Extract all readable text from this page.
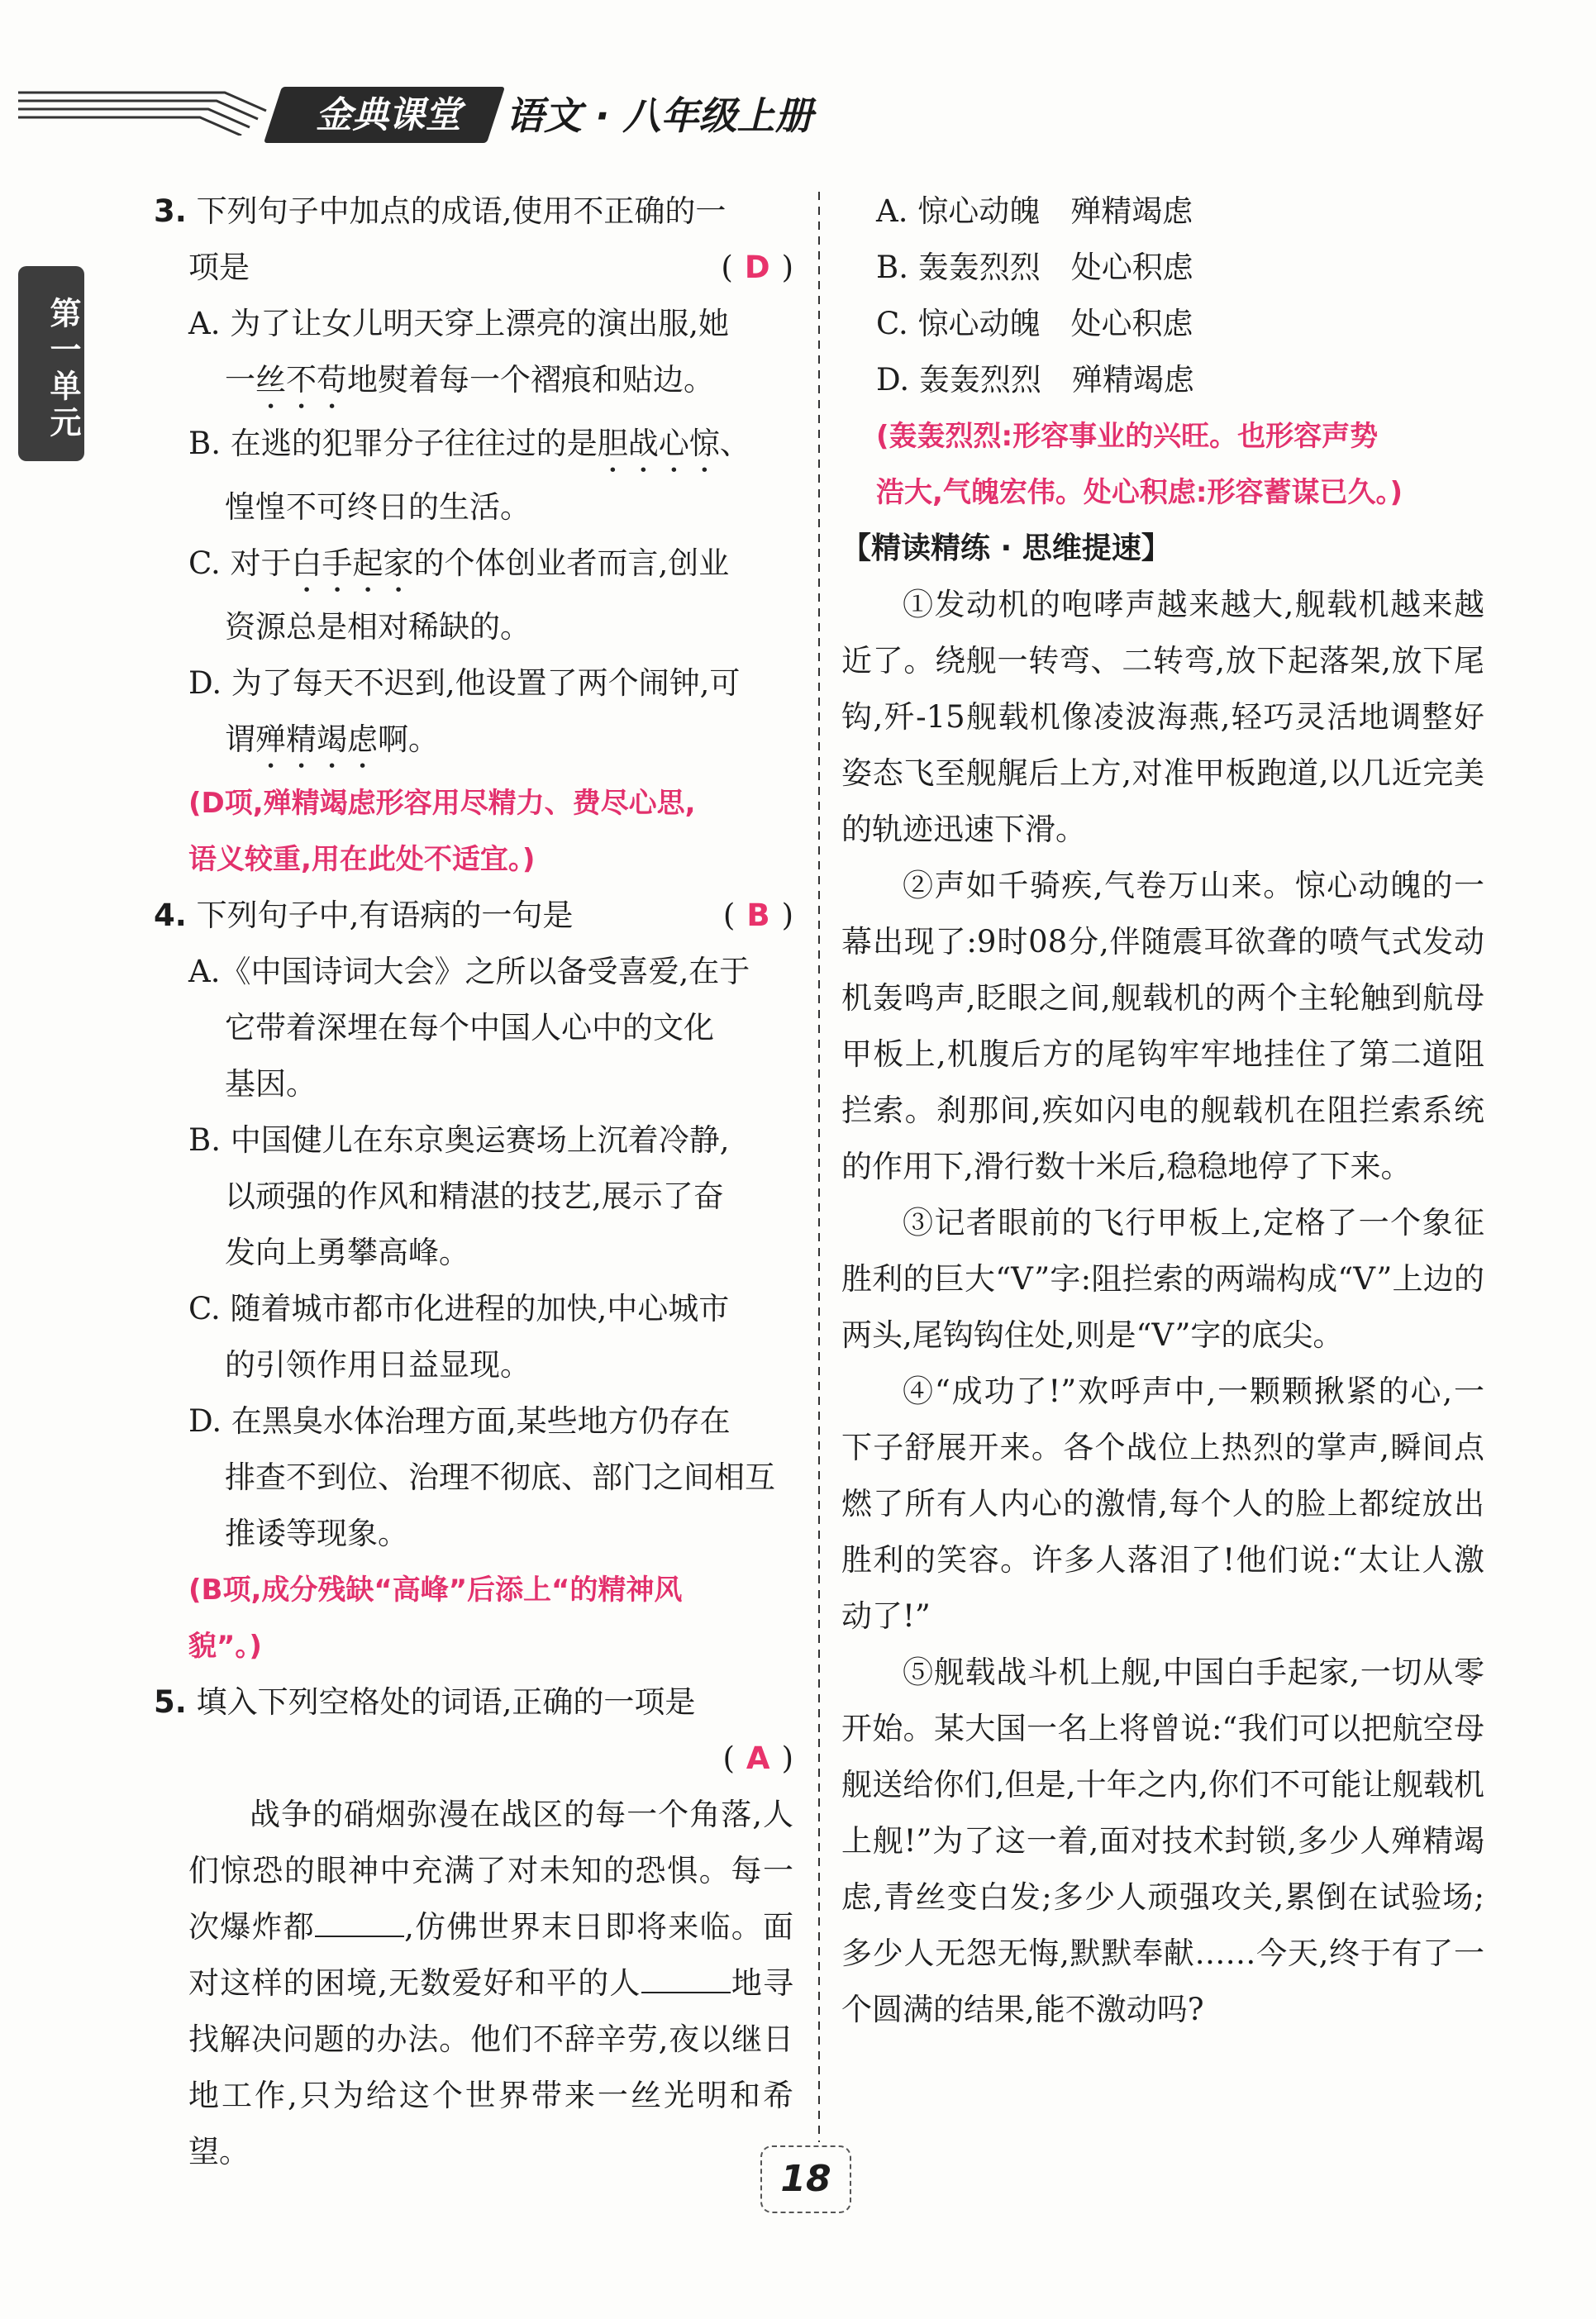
金典课堂	语文 · 八年级上册
第一单元
3. 下列句子中加点的成语,使用不正确的一
项是	( D )
A. 为了让女儿明天穿上漂亮的演出服,她
一丝不苟地熨着每一个褶痕和贴边。
B. 在逃的犯罪分子往往过的是胆战心惊、
惶惶不可终日的生活。
C. 对于白手起家的个体创业者而言,创业
资源总是相对稀缺的。
D. 为了每天不迟到,他设置了两个闹钟,可
谓殚精竭虑啊。
(D项,殚精竭虑形容用尽精力、费尽心思,
语义较重,用在此处不适宜。)
4. 下列句子中,有语病的一句是	( B )
A.《中国诗词大会》之所以备受喜爱,在于
它带着深埋在每个中国人心中的文化
基因。
B. 中国健儿在东京奥运赛场上沉着冷静,
以顽强的作风和精湛的技艺,展示了奋
发向上勇攀高峰。
C. 随着城市都市化进程的加快,中心城市
的引领作用日益显现。
D. 在黑臭水体治理方面,某些地方仍存在
排查不到位、治理不彻底、部门之间相互
推诿等现象。
(B项,成分残缺“高峰”后添上“的精神风
貌”。)
5. 填入下列空格处的词语,正确的一项是
( A )

战争的硝烟弥漫在战区的每一个角落,人们惊恐的眼神中充满了对未知的恐惧。每一次爆炸都	,仿佛世界末日即将来临。面对这样的困境,无数爱好和平的人	地寻找解决问题的办法。他们不辞辛劳,夜以继日地工作,只为给这个世界带来一丝光明和希望。

A. 惊心动魄　殚精竭虑
B. 轰轰烈烈　处心积虑
C. 惊心动魄　处心积虑
D. 轰轰烈烈　殚精竭虑
(轰轰烈烈:形容事业的兴旺。也形容声势
浩大,气魄宏伟。处心积虑:形容蓄谋已久。)
【精读精练 · 思维提速】

①发动机的咆哮声越来越大,舰载机越来越近了。绕舰一转弯、二转弯,放下起落架,放下尾钩,歼-15舰载机像凌波海燕,轻巧灵活地调整好姿态飞至舰艉后上方,对准甲板跑道,以几近完美的轨迹迅速下滑。

②声如千骑疾,气卷万山来。惊心动魄的一幕出现了:9时08分,伴随震耳欲聋的喷气式发动机轰鸣声,眨眼之间,舰载机的两个主轮触到航母甲板上,机腹后方的尾钩牢牢地挂住了第二道阻拦索。刹那间,疾如闪电的舰载机在阻拦索系统的作用下,滑行数十米后,稳稳地停了下来。

③记者眼前的飞行甲板上,定格了一个象征胜利的巨大“V”字:阻拦索的两端构成“V”上边的两头,尾钩钩住处,则是“V”字的底尖。

④“成功了!”欢呼声中,一颗颗揪紧的心,一下子舒展开来。各个战位上热烈的掌声,瞬间点燃了所有人内心的激情,每个人的脸上都绽放出胜利的笑容。许多人落泪了!他们说:“太让人激动了!”

⑤舰载战斗机上舰,中国白手起家,一切从零开始。某大国一名上将曾说:“我们可以把航空母舰送给你们,但是,十年之内,你们不可能让舰载机上舰!”为了这一着,面对技术封锁,多少人殚精竭虑,青丝变白发;多少人顽强攻关,累倒在试验场;多少人无怨无悔,默默奉献……今天,终于有了一个圆满的结果,能不激动吗?

18
